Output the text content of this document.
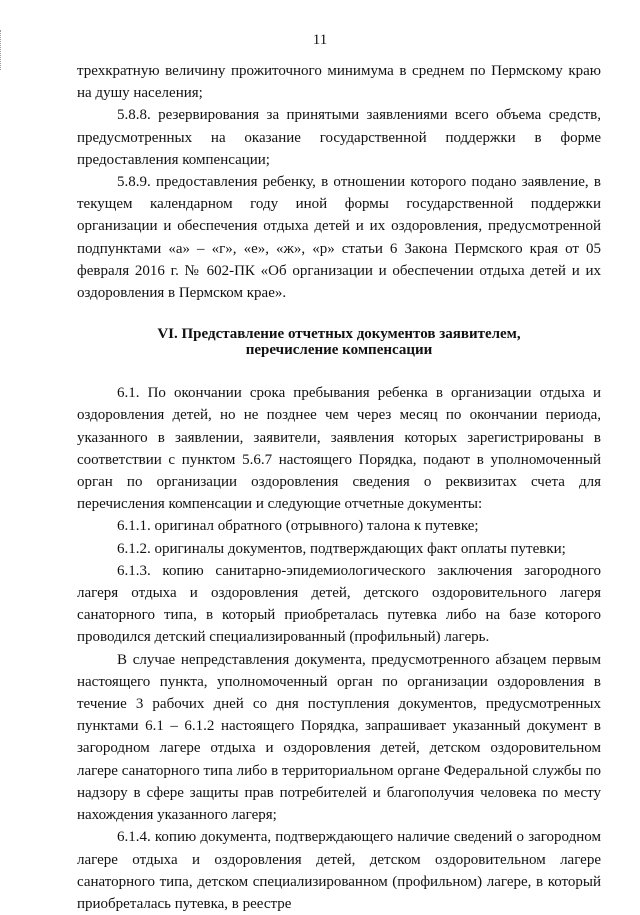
11

трехкратную величину прожиточного минимума в среднем по Пермскому краю на душу населения;

5.8.8. резервирования за принятыми заявлениями всего объема средств, предусмотренных на оказание государственной поддержки в форме предоставления компенсации;

5.8.9. предоставления ребенку, в отношении которого подано заявление, в текущем календарном году иной формы государственной поддержки организации и обеспечения отдыха детей и их оздоровления, предусмотренной подпунктами «а» – «г», «е», «ж», «р» статьи 6 Закона Пермского края от 05 февраля 2016 г. № 602-ПК «Об организации и обеспечении отдыха детей и их оздоровления в Пермском крае».

VI. Представление отчетных документов заявителем,
перечисление компенсации

6.1. По окончании срока пребывания ребенка в организации отдыха и оздоровления детей, но не позднее чем через месяц по окончании периода, указанного в заявлении, заявители, заявления которых зарегистрированы в соответствии с пунктом 5.6.7 настоящего Порядка, подают в уполномоченный орган по организации оздоровления сведения о реквизитах счета для перечисления компенсации и следующие отчетные документы:

6.1.1. оригинал обратного (отрывного) талона к путевке;

6.1.2. оригиналы документов, подтверждающих факт оплаты путевки;

6.1.3. копию санитарно-эпидемиологического заключения загородного лагеря отдыха и оздоровления детей, детского оздоровительного лагеря санаторного типа, в который приобреталась путевка либо на базе которого проводился детский специализированный (профильный) лагерь.

В случае непредставления документа, предусмотренного абзацем первым настоящего пункта, уполномоченный орган по организации оздоровления в течение 3 рабочих дней со дня поступления документов, предусмотренных пунктами 6.1 – 6.1.2 настоящего Порядка, запрашивает указанный документ в загородном лагере отдыха и оздоровления детей, детском оздоровительном лагере санаторного типа либо в территориальном органе Федеральной службы по надзору в сфере защиты прав потребителей и благополучия человека по месту нахождения указанного лагеря;

6.1.4. копию документа, подтверждающего наличие сведений о загородном лагере отдыха и оздоровления детей, детском оздоровительном лагере санаторного типа, детском специализированном (профильном) лагере, в который приобреталась путевка, в реестре
